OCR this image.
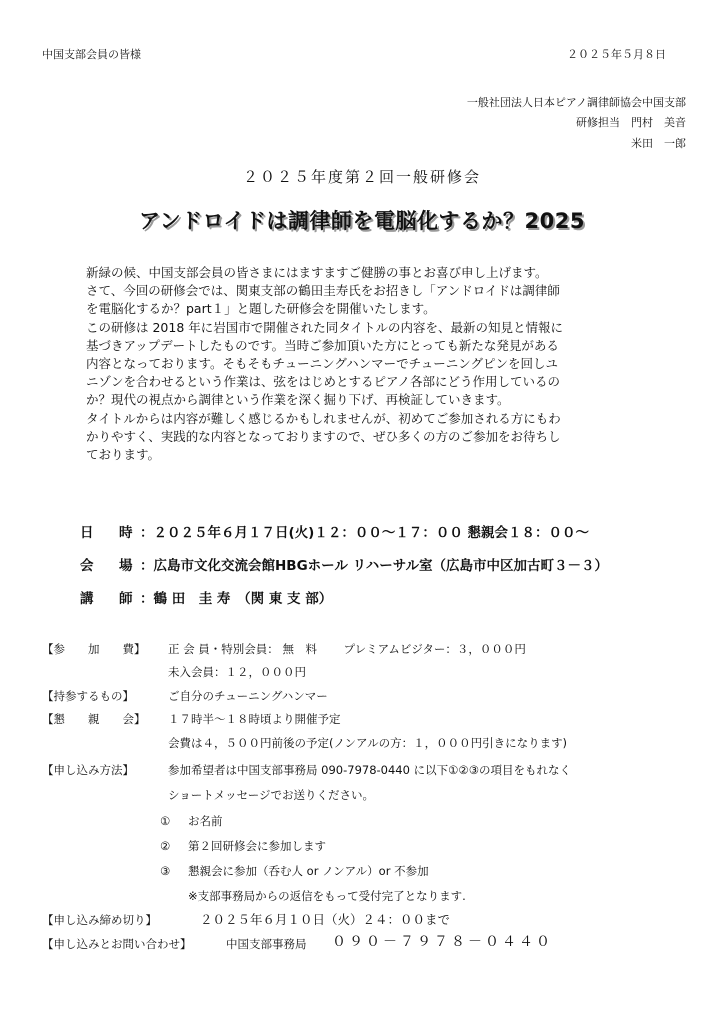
中国支部会員の皆様	２０２５年５月８日
一般社団法人日本ピアノ調律師協会中国支部
研修担当　門村　美音
米田　一郎
２０２５年度第２回一般研修会
アンドロイドは調律師を電脳化するか？2025
新緑の候、中国支部会員の皆さまにはますますご健勝の事とお喜び申し上げます。
さて、今回の研修会では、関東支部の鶴田圭寿氏をお招きし「アンドロイドは調律師
を電脳化するか？part１」と題した研修会を開催いたします。
この研修は 2018 年に岩国市で開催された同タイトルの内容を、最新の知見と情報に
基づきアップデートしたものです。当時ご参加頂いた方にとっても新たな発見がある
内容となっております。そもそもチューニングハンマーでチューニングピンを回しユ
ニゾンを合わせるという作業は、弦をはじめとするピアノ各部にどう作用しているの
か？現代の視点から調律という作業を深く掘り下げ、再検証していきます。
タイトルからは内容が難しく感じるかもしれませんが、初めてご参加される方にもわ
かりやすく、実践的な内容となっておりますので、ぜひ多くの方のご参加をお待ちし
ております。
日　時 ：２０２５年６月１７日(火)１２：００～１７：００ 懇親会１８：００～
会　場 ：広島市文化交流会館HBGホール リハーサル室（広島市中区加古町３－３）
講　師 ：鶴 田　圭 寿　（関 東 支 部）
【参　　加　　費】 正 会 員・特別会員： 無　料　　 プレミアムビジター：３，０００円
未入会員：１２，０００円
【持参するもの】	ご自分のチューニングハンマー
【懇　　親　　会】 １７時半～１８時頃より開催予定
会費は４，５００円前後の予定(ノンアルの方：１，０００円引きになります)
【申し込み方法】	参加希望者は中国支部事務局 090-7978-0440 に以下①②③の項目をもれなく
ショートメッセージでお送りください。
① お名前
② 第２回研修会に参加します
③ 懇親会に参加（呑む人 or ノンアル）or 不参加
※支部事務局からの返信をもって受付完了となります.
【申し込み締め切り】	２０２５年６月１０日（火）２４：００まで
【申し込みとお問い合わせ】	中国支部事務局 ０９０－７９７８－０４４０
